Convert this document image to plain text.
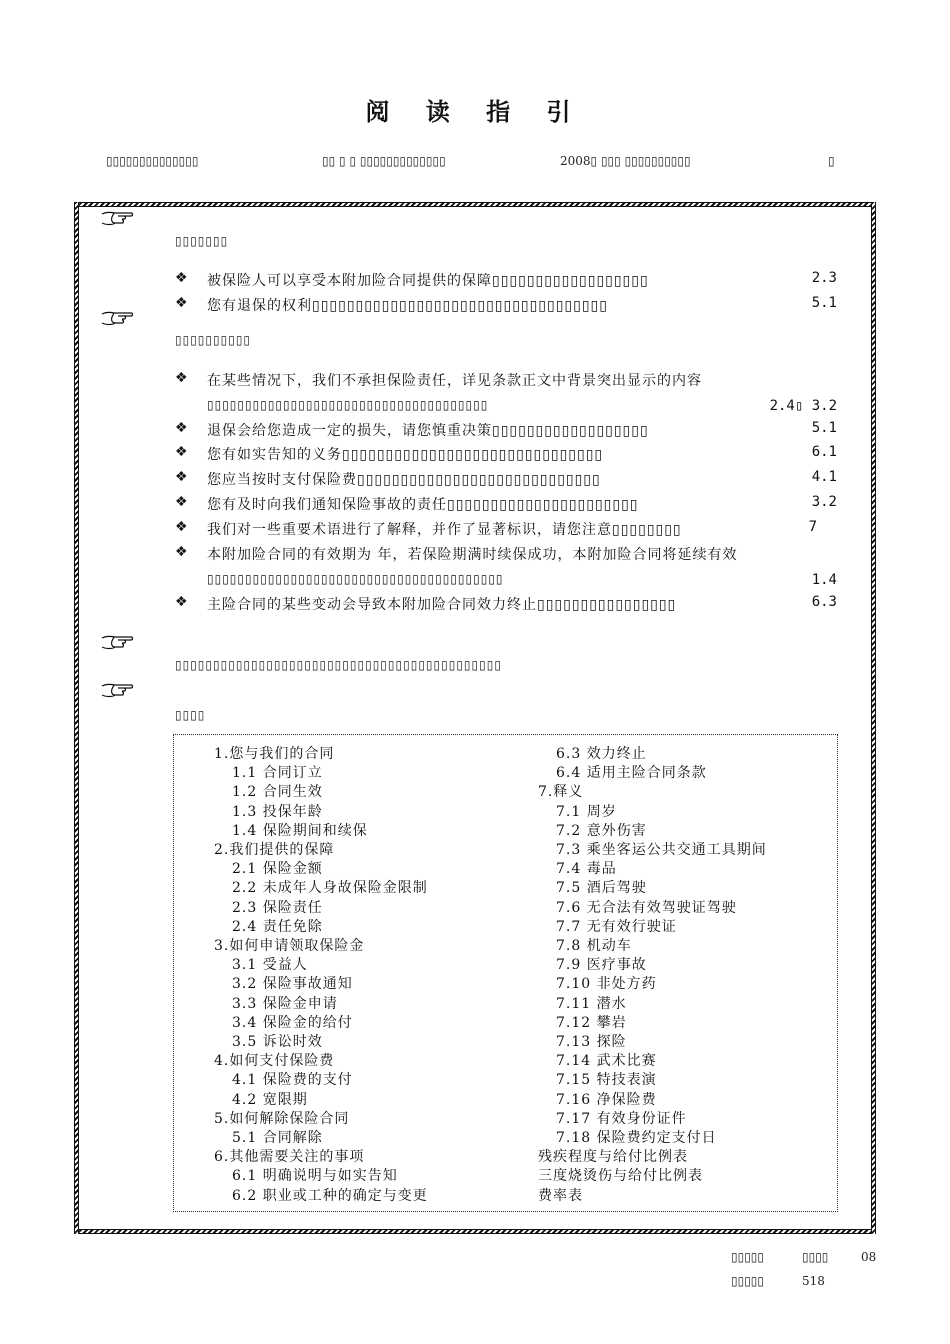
阅 读 指 引
▯▯▯▯▯▯▯▯▯▯▯▯▯▯	▯▯ ▯ ▯ ▯▯▯▯▯▯▯▯▯▯▯▯▯	2008▯ ▯▯▯ ▯▯▯▯▯▯▯▯▯▯	▯
▯▯▯▯▯▯▯
❖ 被保险人可以享受本附加险合同提供的保障▯▯▯▯▯▯▯▯▯▯▯▯▯▯▯▯▯▯	2.3
❖ 您有退保的权利▯▯▯▯▯▯▯▯▯▯▯▯▯▯▯▯▯▯▯▯▯▯▯▯▯▯▯▯▯▯▯▯▯▯	5.1
▯▯▯▯▯▯▯▯▯▯
❖ 在某些情况下，我们不承担保险责任，详见条款正文中背景突出显示的内容
▯▯▯▯▯▯▯▯▯▯▯▯▯▯▯▯▯▯▯▯▯▯▯▯▯▯▯▯▯▯▯▯▯▯▯▯▯	2.4▯ 3.2
❖ 退保会给您造成一定的损失，请您慎重决策▯▯▯▯▯▯▯▯▯▯▯▯▯▯▯▯▯▯	5.1
❖ 您有如实告知的义务▯▯▯▯▯▯▯▯▯▯▯▯▯▯▯▯▯▯▯▯▯▯▯▯▯▯▯▯▯▯	6.1
❖ 您应当按时支付保险费▯▯▯▯▯▯▯▯▯▯▯▯▯▯▯▯▯▯▯▯▯▯▯▯▯▯▯▯	4.1
❖ 您有及时向我们通知保险事故的责任▯▯▯▯▯▯▯▯▯▯▯▯▯▯▯▯▯▯▯▯▯▯	3.2
❖ 我们对一些重要术语进行了解释，并作了显著标识，请您注意▯▯▯▯▯▯▯▯	7
❖ 本附加险合同的有效期为 年，若保险期满时续保成功，本附加险合同将延续有效
▯▯▯▯▯▯▯▯▯▯▯▯▯▯▯▯▯▯▯▯▯▯▯▯▯▯▯▯▯▯▯▯▯▯▯▯▯▯▯	1.4
❖ 主险合同的某些变动会导致本附加险合同效力终止▯▯▯▯▯▯▯▯▯▯▯▯▯▯▯▯	6.3
▯▯▯▯▯▯▯▯▯▯▯▯▯▯▯▯▯▯▯▯▯▯▯▯▯▯▯▯▯▯▯▯▯▯▯▯▯▯▯▯▯▯▯
▯▯▯▯
1.您与我们的合同
1.1 合同订立
1.2 合同生效
1.3 投保年龄
1.4 保险期间和续保
2.我们提供的保障
2.1 保险金额
2.2 未成年人身故保险金限制
2.3 保险责任
2.4 责任免除
3.如何申请领取保险金
3.1 受益人
3.2 保险事故通知
3.3 保险金申请
3.4 保险金的给付
3.5 诉讼时效
4.如何支付保险费
4.1 保险费的支付
4.2 宽限期
5.如何解除保险合同
5.1 合同解除
6.其他需要关注的事项
6.1 明确说明与如实告知
6.2 职业或工种的确定与变更
6.3 效力终止
6.4 适用主险合同条款
7.释义
7.1 周岁
7.2 意外伤害
7.3 乘坐客运公共交通工具期间
7.4 毒品
7.5 酒后驾驶
7.6 无合法有效驾驶证驾驶
7.7 无有效行驶证
7.8 机动车
7.9 医疗事故
7.10 非处方药
7.11 潜水
7.12 攀岩
7.13 探险
7.14 武术比赛
7.15 特技表演
7.16 净保险费
7.17 有效身份证件
7.18 保险费约定支付日
残疾程度与给付比例表
三度烧烫伤与给付比例表
费率表
▯▯▯▯▯	▯▯▯▯	08
▯▯▯▯▯	518
